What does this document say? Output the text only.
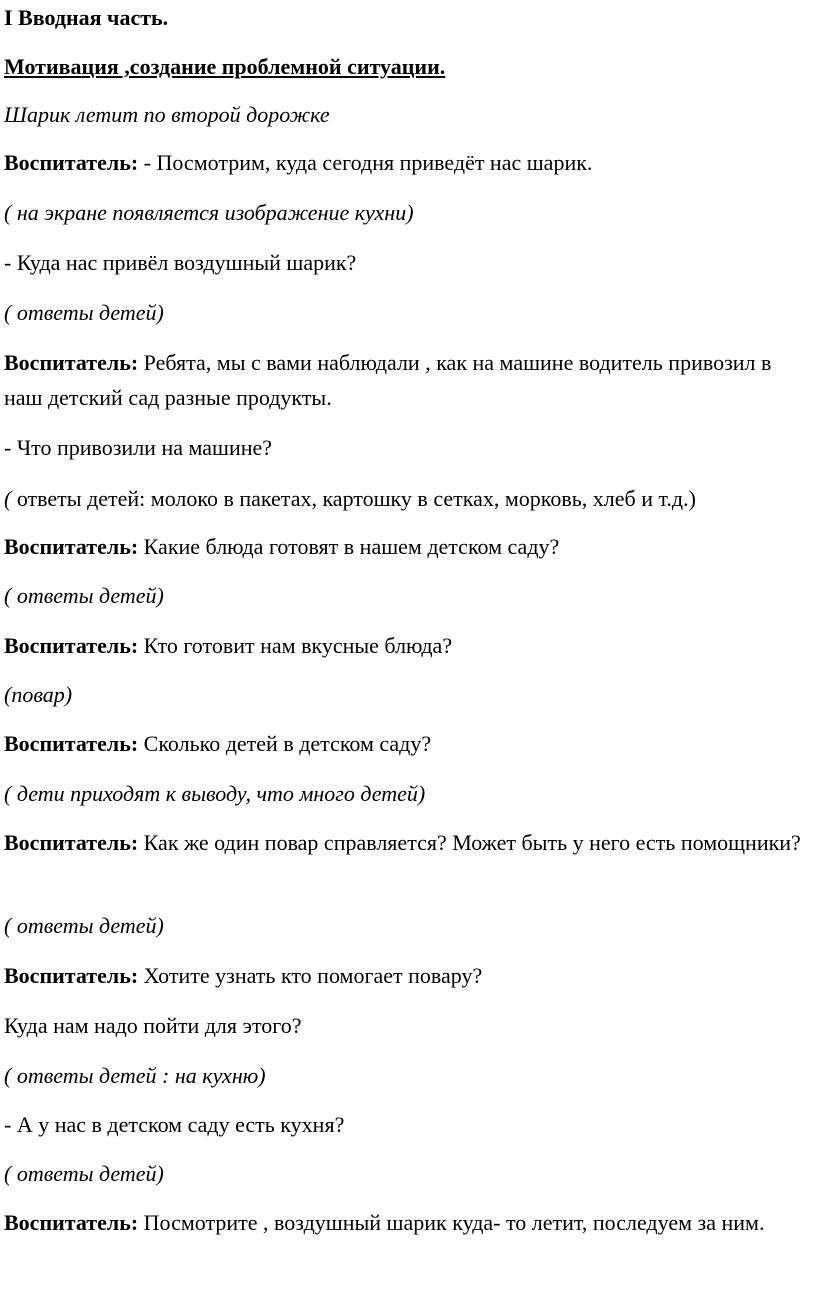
I Вводная часть.

Мотивация ,создание проблемной ситуации.

Шарик летит по второй дорожке

Воспитатель: - Посмотрим, куда сегодня приведёт нас шарик.

( на экране появляется изображение кухни)

- Куда нас привёл воздушный шарик?

( ответы детей)

Воспитатель: Ребята, мы с вами наблюдали , как на машине водитель привозил в наш детский сад разные продукты.

- Что привозили на машине?

( ответы детей: молоко в пакетах, картошку в сетках, морковь, хлеб и т.д.)

Воспитатель: Какие блюда готовят в нашем детском саду?

( ответы детей)

Воспитатель: Кто готовит нам вкусные блюда?

(повар)

Воспитатель: Сколько детей в детском саду?

( дети приходят к выводу, что много детей)

Воспитатель: Как же один повар справляется? Может быть у него есть помощники?

( ответы детей)

Воспитатель: Хотите узнать кто помогает повару?

Куда нам надо пойти для этого?

( ответы детей : на кухню)

- А у нас в детском саду есть кухня?

( ответы детей)

Воспитатель: Посмотрите , воздушный шарик куда- то летит, последуем за ним.
